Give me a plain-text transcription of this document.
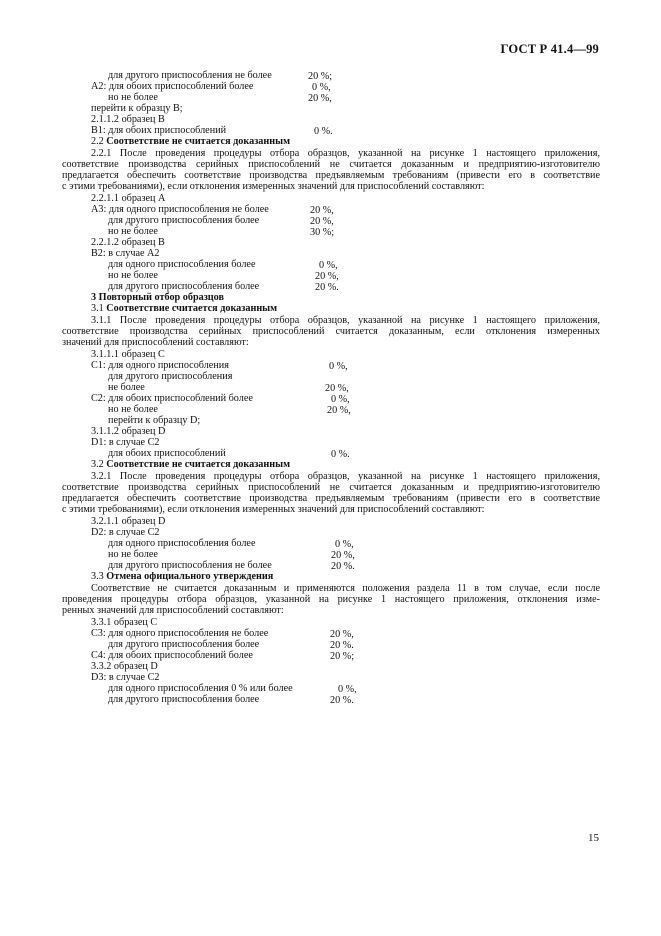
ГОСТ Р 41.4—99
для другого приспособления не более	20 %;
A2: для обоих приспособлений более	0 %,
но не более	20 %,
перейти к образцу B;
2.1.1.2 образец B
B1: для обоих приспособлений	0 %.
2.2 Соответствие не считается доказанным
2.2.1 После проведения процедуры отбора образцов, указанной на рисунке 1 настоящего приложения,
соответствие производства серийных приспособлений не считается доказанным и предприятию-изготовителю
предлагается обеспечить соответствие производства предъявляемым требованиям (привести его в соответствие
с этими требованиями), если отклонения измеренных значений для приспособлений составляют:
2.2.1.1 образец A
A3: для одного приспособления не более	20 %,
для другого приспособления более	20 %,
но не более	30 %;
2.2.1.2 образец B
B2: в случае A2
для одного приспособления более	0 %,
но не более	20 %,
для другого приспособления более	20 %.
3 Повторный отбор образцов
3.1 Соответствие считается доказанным
3.1.1 После проведения процедуры отбора образцов, указанной на рисунке 1 настоящего приложения,
соответствие производства серийных приспособлений считается доказанным, если отклонения измеренных
значений для приспособлений составляют:
3.1.1.1 образец C
C1: для одного приспособления	0 %,
для другого приспособления
не более	20 %,
C2: для обоих приспособлений более	0 %,
но не более	20 %,
перейти к образцу D;
3.1.1.2 образец D
D1: в случае C2
для обоих приспособлений	0 %.
3.2 Соответствие не считается доказанным
3.2.1 После проведения процедуры отбора образцов, указанной на рисунке 1 настоящего приложения,
соответствие производства серийных приспособлений не считается доказанным и предприятию-изготовителю
предлагается обеспечить соответствие производства предъявляемым требованиям (привести его в соответствие
с этими требованиями), если отклонения измеренных значений для приспособлений составляют:
3.2.1.1 образец D
D2: в случае C2
для одного приспособления более	0 %,
но не более	20 %,
для другого приспособления не более	20 %.
3.3 Отмена официального утверждения
Соответствие не считается доказанным и применяются положения раздела 11 в том случае, если после
проведения процедуры отбора образцов, указанной на рисунке 1 настоящего приложения, отклонения изме-
ренных значений для приспособлений составляют:
3.3.1 образец C
C3: для одного приспособления не более	20 %,
для другого приспособления более	20 %.
C4: для обоих приспособлений более	20 %;
3.3.2 образец D
D3: в случае C2
для одного приспособления 0 % или более	0 %,
для другого приспособления более	20 %.
15
